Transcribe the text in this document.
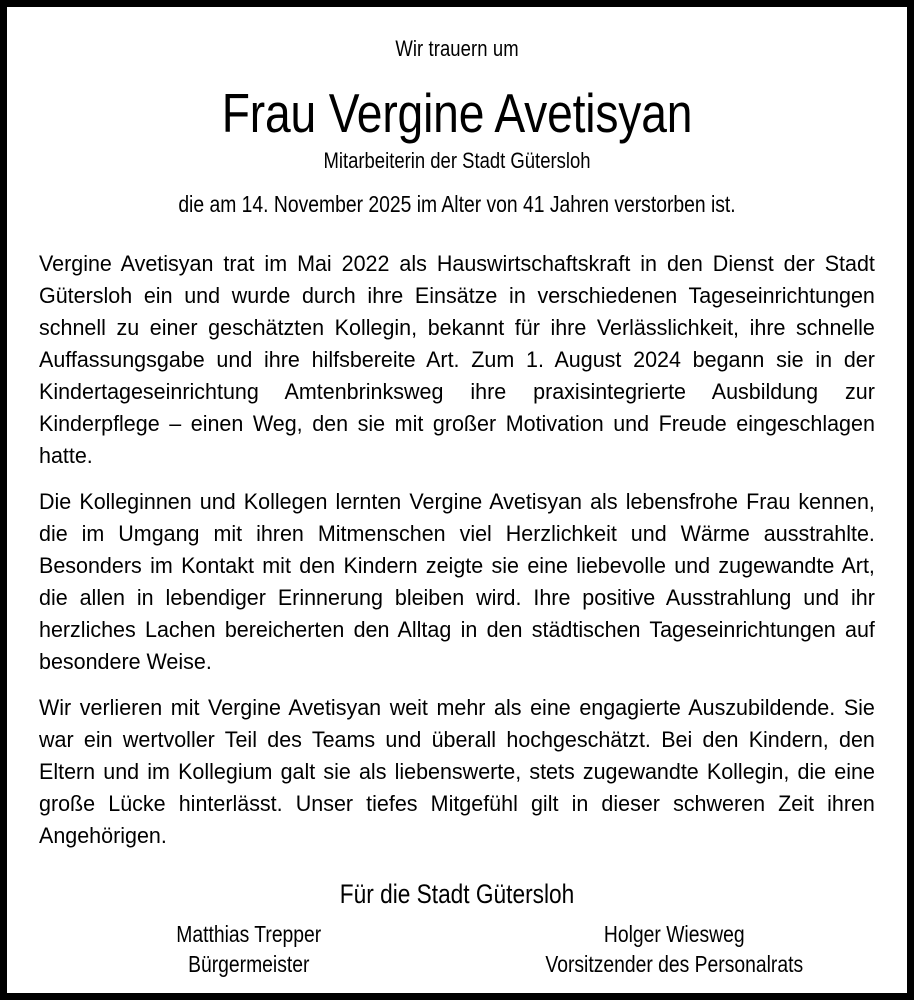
Wir trauern um
Frau Vergine Avetisyan
Mitarbeiterin der Stadt Gütersloh
die am 14. November 2025 im Alter von 41 Jahren verstorben ist.

Vergine Avetisyan trat im Mai 2022 als Hauswirtschaftskraft in den Dienst der Stadt Gütersloh ein und wurde durch ihre Einsätze in verschiedenen Tageseinrichtungen schnell zu einer geschätzten Kollegin, bekannt für ihre Verlässlichkeit, ihre schnelle Auffassungsgabe und ihre hilfsbereite Art. Zum 1. August 2024 begann sie in der Kindertageseinrichtung Amtenbrinksweg ihre praxisintegrierte Ausbildung zur Kinderpflege – einen Weg, den sie mit großer Motivation und Freude eingeschlagen hatte.

Die Kolleginnen und Kollegen lernten Vergine Avetisyan als lebensfrohe Frau kennen, die im Umgang mit ihren Mitmenschen viel Herzlichkeit und Wärme ausstrahlte. Besonders im Kontakt mit den Kindern zeigte sie eine liebevolle und zugewandte Art, die allen in lebendiger Erinnerung bleiben wird. Ihre positive Ausstrahlung und ihr herzliches Lachen bereicherten den Alltag in den städtischen Tageseinrichtungen auf besondere Weise.

Wir verlieren mit Vergine Avetisyan weit mehr als eine engagierte Auszubildende. Sie war ein wertvoller Teil des Teams und überall hochgeschätzt. Bei den Kindern, den Eltern und im Kollegium galt sie als liebenswerte, stets zugewandte Kollegin, die eine große Lücke hinterlässt. Unser tiefes Mitgefühl gilt in dieser schweren Zeit ihren Angehörigen.

Für die Stadt Gütersloh
Matthias Trepper
Bürgermeister
Holger Wiesweg
Vorsitzender des Personalrats
